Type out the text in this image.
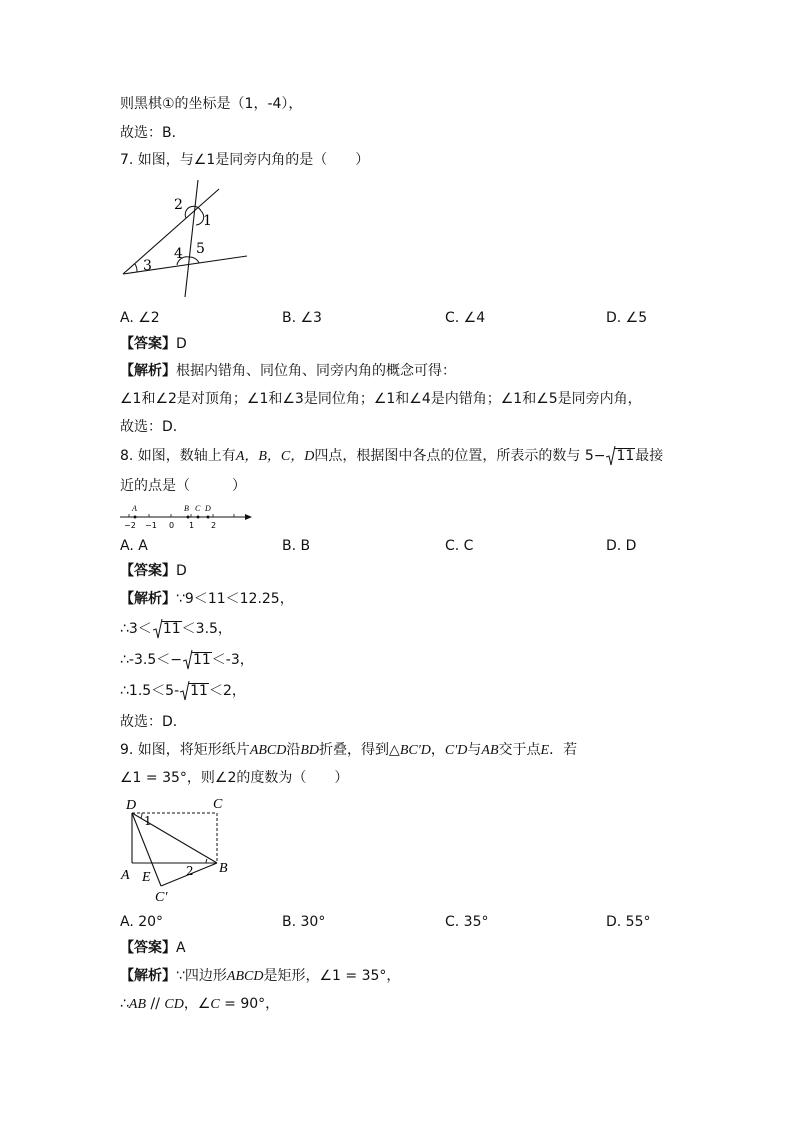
则黑棋①的坐标是（1，-4），
故选：B．
7. 如图，与∠1是同旁内角的是（　　）
2
1
4 5
3
A. ∠2	B. ∠3	C. ∠4	D. ∠5
【答案】D
【解析】根据内错角、同位角、同旁内角的概念可得：
∠1和∠2是对顶角；∠1和∠3是同位角；∠1和∠4是内错角；∠1和∠5是同旁内角，
故选：D．
8. 如图，数轴上有A，B，C，D四点，根据图中各点的位置，所表示的数与 5− 11最接
近的点是（　　　）
A	B C D
−2 −1 0 1 2
A. A	B. B	C. C	D. D
【答案】D
【解析】∵9＜11＜12.25，
∴3＜ 11＜3.5，
∴-3.5＜− 11＜-3，
∴1.5＜5- 11＜2，
故选：D．
9. 如图，将矩形纸片ABCD沿BD折叠，得到△BC′D，C′D与AB交于点E．若
∠1 = 35°，则∠2的度数为（　　）
D	C
1
2 B
A E
C′
A. 20°	B. 30°	C. 35°	D. 55°
【答案】A
【解析】∵四边形ABCD是矩形，∠1 = 35°，
∴AB // CD，∠C = 90°，
